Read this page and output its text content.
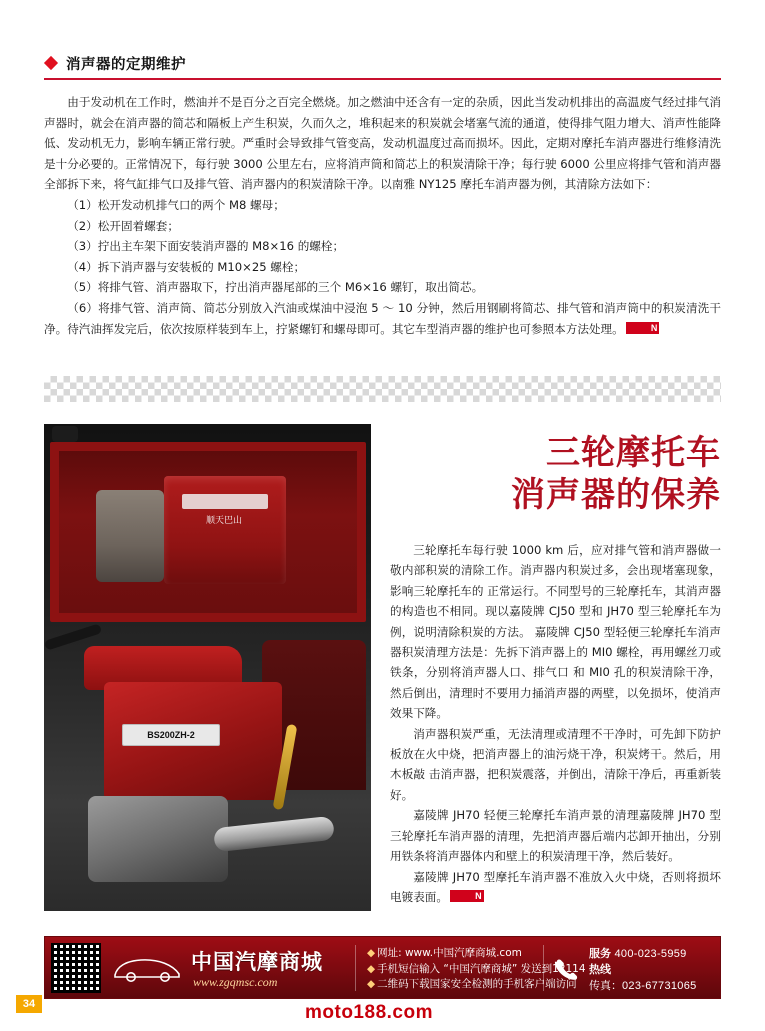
消声器的定期维护

由于发动机在工作时，燃油并不是百分之百完全燃烧。加之燃油中还含有一定的杂质，因此当发动机排出的高温废气经过排气消声器时，就会在消声器的简芯和隔板上产生积炭，久而久之，堆积起来的积炭就会堵塞气流的通道，使得排气阻力增大、消声性能降低、发动机无力，影响车辆正常行驶。严重时会导致排气管变高，发动机温度过高而损坏。因此，定期对摩托车消声器进行维修清洗是十分必要的。正常情况下，每行驶 3000 公里左右，应将消声筒和简芯上的积炭清除干净；每行驶 6000 公里应将排气管和消声器全部拆下来，将气缸排气口及排气管、消声器内的积炭清除干净。以南雅 NY125 摩托车消声器为例，其清除方法如下：

（1）松开发动机排气口的两个 M8 螺母；

（2）松开固着螺套；

（3）拧出主车架下面安装消声器的 M8×16 的螺栓；

（4）拆下消声器与安装板的 M10×25 螺栓；

（5）将排气管、消声器取下，拧出消声器尾部的三个 M6×16 螺钉，取出简芯。

（6）将排气管、消声筒、简芯分别放入汽油或煤油中浸泡 5 ～ 10 分钟，然后用钢刷将简芯、排气管和消声筒中的积炭清洗干净。待汽油挥发完后，依次按原样装到车上，拧紧螺钉和螺母即可。其它车型消声器的维护也可参照本方法处理。	N

顺天巴山
BS200ZH-2
三轮摩托车
消声器的保养

三轮摩托车每行驶 1000 km 后，应对排气管和消声器做一敬内部积炭的清除工作。消声器内积炭过多，会出现堵塞现象，影响三轮摩托车的 正常运行。不同型号的三轮摩托车，其消声器的构造也不相同。现以嘉陵牌 CJ50 型和 JH70 型三轮摩托车为例，说明清除积炭的方法。 嘉陵牌 CJ50 型轻便三轮摩托车消声器积炭清理方法是：先拆下消声器上的 MI0 螺栓，再用螺丝刀或铁条，分别将消声器人口、排气口 和 MI0 孔的积炭清除干净，然后倒出，清理时不要用力捅消声器的两壁，以免损坏，使消声效果下降。

消声器积炭严重，无法清理或清理不干净时，可先卸下防护板放在火中烧，把消声器上的油污烧干净，积炭烤干。然后，用木板敲 击消声器，把积炭震落，并倒出，清除干净后，再重新装好。

嘉陵牌 JH70 轻便三轮摩托车消声景的清理嘉陵牌 JH70 型三轮摩托车消声器的清理，先把消声器后端内芯卸开抽出，分别用铁条将消声器体内和壁上的积炭清理干净，然后装好。

嘉陵牌 JH70 型摩托车消声器不准放入火中烧，否则将损坏电镀表面。	N

中国汽摩商城
www.zgqmsc.com
◆ 网址: www.中国汽摩商城.com
◆ 手机短信输入 “中国汽摩商城” 发送到12114
◆ 二维码下载国家安全检测的手机客户端访问
服务 400-023-5959
热线
传真：023-67731065
34	moto188.com
